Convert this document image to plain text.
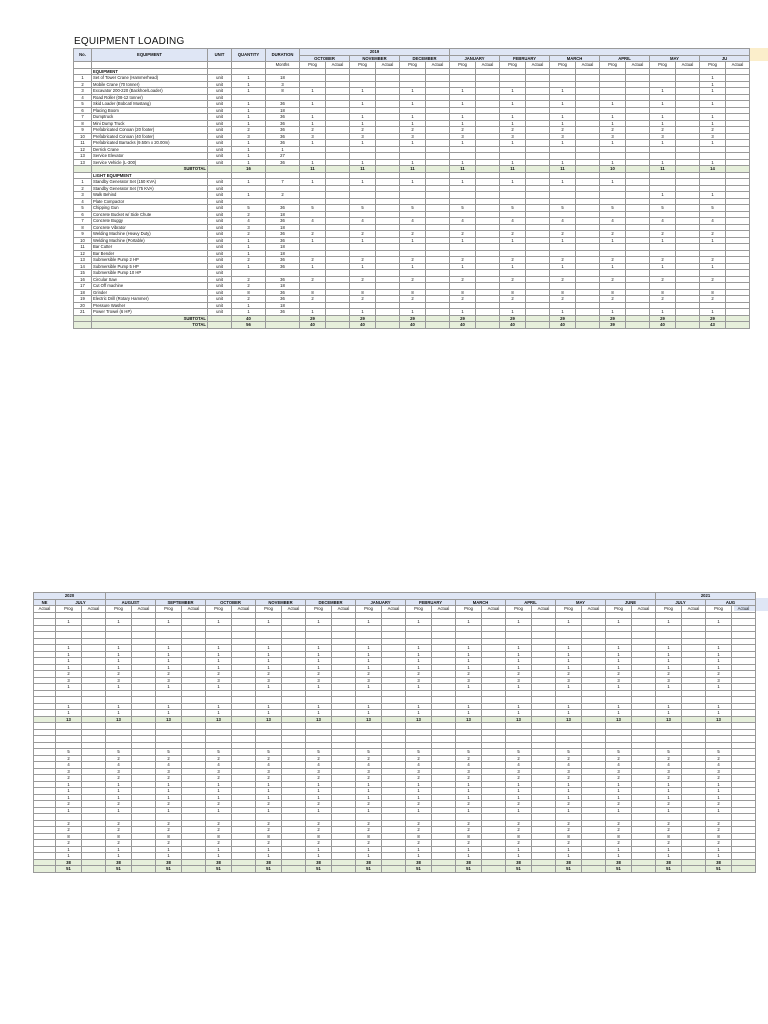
EQUIPMENT LOADING
No.	EQUIPMENT	UNIT	QUANTITY	DURATION	2019																	
					OCTOBER		NOVEMBER		DECEMBER		JANUARY		FEBRUARY		MARCH		APRIL		MAY		JU	
				Months	Prog	Actual	Prog	Actual	Prog	Actual	Prog	Actual	Prog	Actual	Prog	Actual	Prog	Actual	Prog	Actual	Prog	Actual
	EQUIPMENT																					
1	Set of Tower Crane (Hammerhead)	unit	1	18																	1	
2	Mobile Crane (70 tonner)	unit	1	3																	1	
3	Excavator 200-220 (Backhoe/Loader)	unit	1	8	1		1		1		1		1		1				1		1	
4	Road Roller (08-12 tonner)	unit																				
5	Skid Loader (Bobcat/ Mustang)	unit	1	36	1		1		1		1		1		1		1		1		1	
6	Placing Boom	unit	1	18																		
7	Dumptruck	unit	1	36	1		1		1		1		1		1		1		1		1	
8	Mini Dump Truck	unit	1	36	1		1		1		1		1		1		1		1		1	
9	Prefabricated Conoan (20 footer)	unit	2	36	2		2		2		2		2		2		2		2		2	
10	Prefabricated Conoan (40 footer)	unit	3	36	3		3		3		3		3		3		3		3		3	
11	Prefabricated Barracks (9.50m x 20.00m)	unit	1	36	1		1		1		1		1		1		1		1		1	
12	Derrick Crane	unit	1	1																		
13	Service Elevator	unit	1	27																		
13	Service Vehicle (L-300)	unit	1	36	1		1		1		1		1		1		1		1		1	
	SUBTOTAL		16		11		11		11		11		11		11		10		11		14	
	LIGHT EQUIPMENT																					
1	Standby Generator Set (150 KVA)	unit	1	7	1		1		1		1		1		1		1					
2	Standby Generator Set (75 KVA)	unit																				
3	Walk Behind	unit	1	2															1		1	
4	Plate Compactor	unit																				
5	Chipping Gun	unit	5	36	5		5		5		5		5		5		5		5		5	
6	Concrete Bucket w/ Side Chute	unit	2	18																		
7	Concrete Buggy	unit	4	36	4		4		4		4		4		4		4		4		4	
8	Concrete Vibrator	unit	3	18																		
9	Welding Machine (Heavy Duty)	unit	2	36	2		2		2		2		2		2		2		2		2	
10	Welding Machine (Portable)	unit	1	36	1		1		1		1		1		1		1		1		1	
11	Bar Cutter	unit	1	18																		
12	Bar Bender	unit	1	18																		
13	Submersible Pump 2 HP	unit	2	36	2		2		2		2		2		2		2		2		2	
14	Submersible Pump 5 HP	unit	1	36	1		1		1		1		1		1		1		1		1	
15	Submersible Pump 10 HP	unit																				
16	Circular Saw	unit	2	36	2		2		2		2		2		2		2		2		2	
17	Cut Off machine	unit	2	18																		
18	Grinder	unit	8	36	8		8		8		8		8		8		8		8		8	
19	Electric Drill (Rotary Hammer)	unit	2	36	2		2		2		2		2		2		2		2		2	
20	Pressure Washer	unit	1	18																		
21	Power Trowel (6 HP)	unit	1	36	1		1		1		1		1		1		1		1		1	
	SUBTOTAL		40		29		29		29		29		29		29		29		29		29	
	TOTAL		56		40		40		40		40		40		40		39		40		43	
2020																									2021			
NE	JULY		AUGUST		SEPTEMBER		OCTOBER		NOVEMBER		DECEMBER		JANUARY		FEBRUARY		MARCH		APRIL		MAY		JUNE		JULY		AUG	
Actual	Prog	Actual	Prog	Actual	Prog	Actual	Prog	Actual	Prog	Actual	Prog	Actual	Prog	Actual	Prog	Actual	Prog	Actual	Prog	Actual	Prog	Actual	Prog	Actual	Prog	Actual	Prog	Actual

	1		1		1		1		1		1		1		1		1		1		1		1		1		1	

	1		1		1		1		1		1		1		1		1		1		1		1		1		1	
	1		1		1		1		1		1		1		1		1		1		1		1		1		1	
	1		1		1		1		1		1		1		1		1		1		1		1		1		1	
	1		1		1		1		1		1		1		1		1		1		1		1		1		1	
	2		2		2		2		2		2		2		2		2		2		2		2		2		2	
	3		3		3		3		3		3		3		3		3		3		3		3		3		3	
	1		1		1		1		1		1		1		1		1		1		1		1		1		1	

	1		1		1		1		1		1		1		1		1		1		1		1		1		1	
	1		1		1		1		1		1		1		1		1		1		1		1		1		1	
	13		13		13		13		13		13		13		13		13		13		13		13		13		13	

	5		5		5		5		5		5		5		5		5		5		5		5		5		5	
	2		2		2		2		2		2		2		2		2		2		2		2		2		2	
	4		4		4		4		4		4		4		4		4		4		4		4		4		4	
	3		3		3		3		3		3		3		3		3		3		3		3		3		3	
	2		2		2		2		2		2		2		2		2		2		2		2		2		2	
	1		1		1		1		1		1		1		1		1		1		1		1		1		1	
	1		1		1		1		1		1		1		1		1		1		1		1		1		1	
	1		1		1		1		1		1		1		1		1		1		1		1		1		1	
	2		2		2		2		2		2		2		2		2		2		2		2		2		2	
	1		1		1		1		1		1		1		1		1		1		1		1		1		1	

	2		2		2		2		2		2		2		2		2		2		2		2		2		2	
	2		2		2		2		2		2		2		2		2		2		2		2		2		2	
	8		8		8		8		8		8		8		8		8		8		8		8		8		8	
	2		2		2		2		2		2		2		2		2		2		2		2		2		2	
	1		1		1		1		1		1		1		1		1		1		1		1		1		1	
	1		1		1		1		1		1		1		1		1		1		1		1		1		1	
	38		38		38		38		38		38		38		38		38		38		38		38		38		38	
	51		51		51		51		51		51		51		51		51		51		51		51		51		51	
